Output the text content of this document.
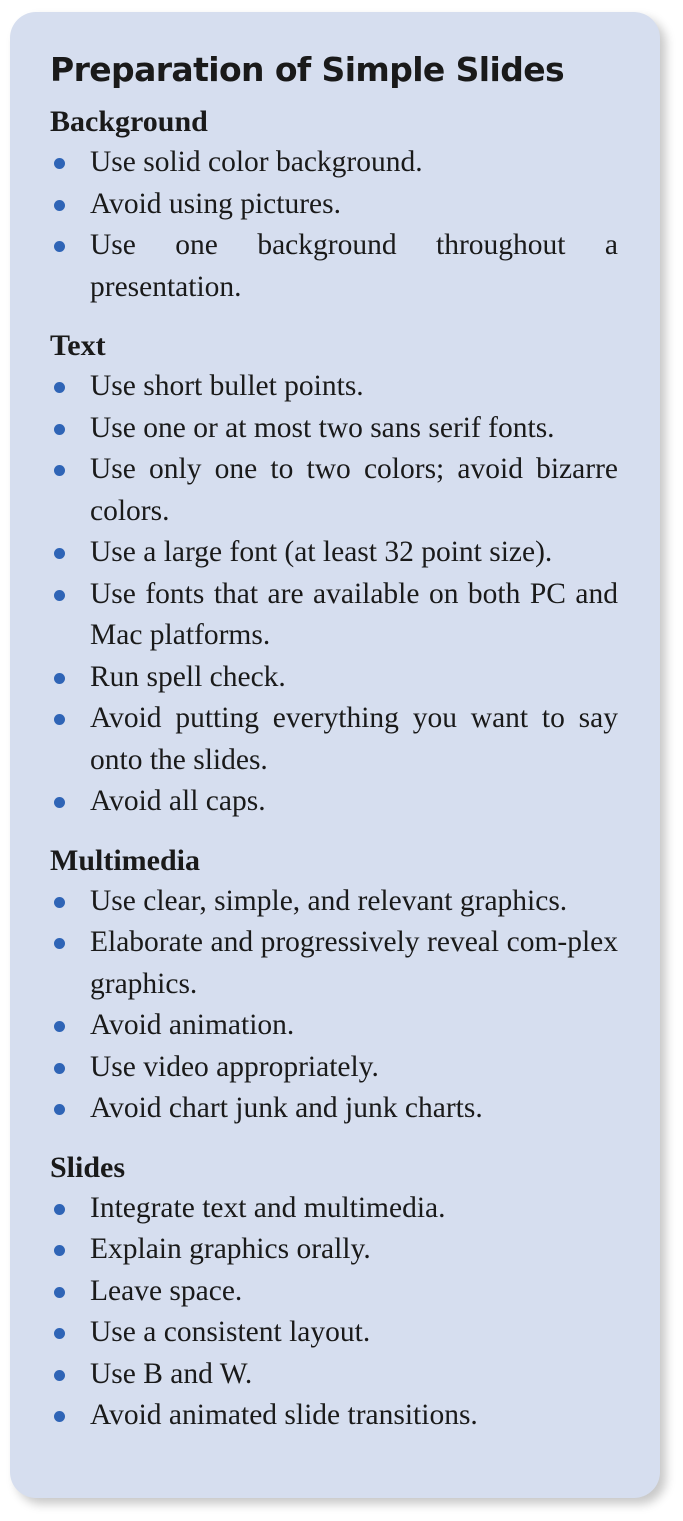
Preparation of Simple Slides
Background
Use solid color background.
Avoid using pictures.
Use one background throughout a presentation.
Text
Use short bullet points.
Use one or at most two sans serif fonts.
Use only one to two colors; avoid bizarre colors.
Use a large font (at least 32 point size).
Use fonts that are available on both PC and Mac platforms.
Run spell check.
Avoid putting everything you want to say onto the slides.
Avoid all caps.
Multimedia
Use clear, simple, and relevant graphics.
Elaborate and progressively reveal com-plex graphics.
Avoid animation.
Use video appropriately.
Avoid chart junk and junk charts.
Slides
Integrate text and multimedia.
Explain graphics orally.
Leave space.
Use a consistent layout.
Use B and W.
Avoid animated slide transitions.
